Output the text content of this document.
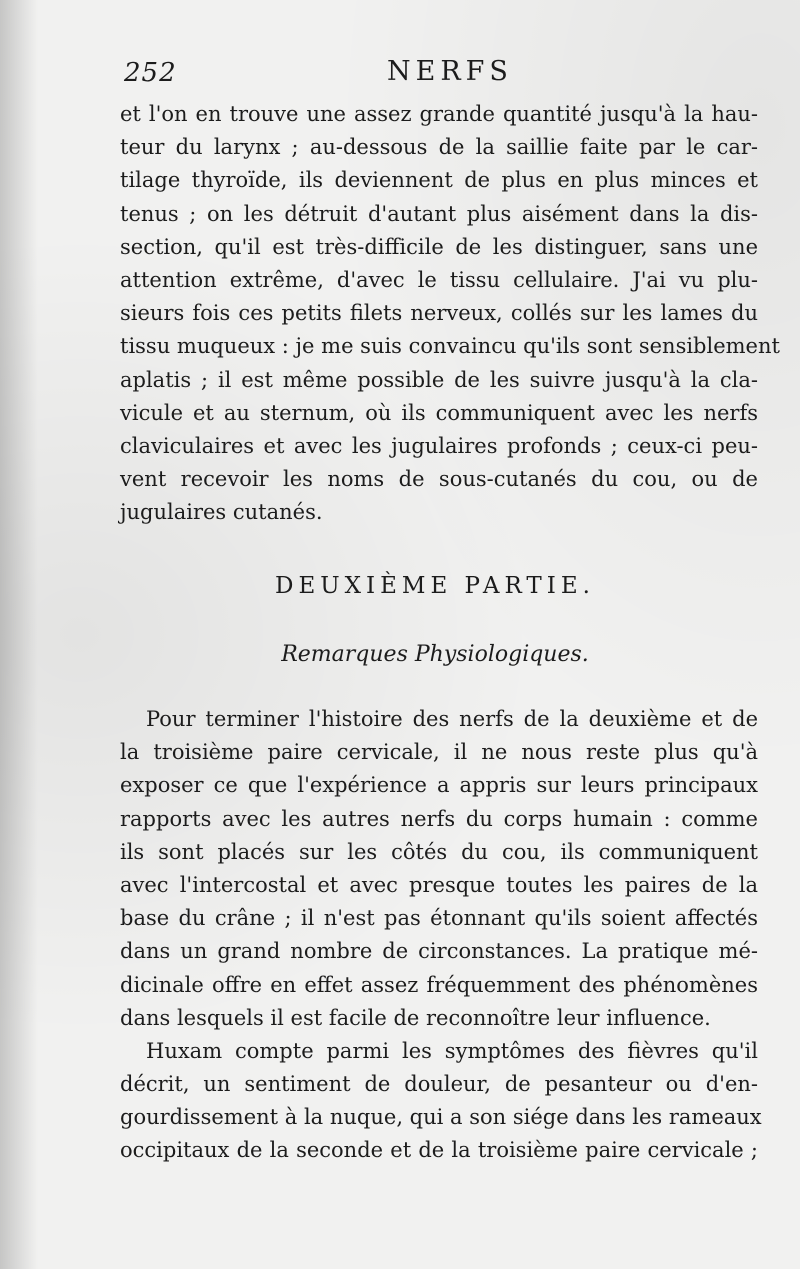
252	NERFS
et l'on en trouve une assez grande quantité jusqu'à la hau-
teur du larynx ; au-dessous de la saillie faite par le car-
tilage thyroïde, ils deviennent de plus en plus minces et
tenus ; on les détruit d'autant plus aisément dans la dis-
section, qu'il est très-difficile de les distinguer, sans une
attention extrême, d'avec le tissu cellulaire. J'ai vu plu-
sieurs fois ces petits filets nerveux, collés sur les lames du
tissu muqueux : je me suis convaincu qu'ils sont sensiblement
aplatis ; il est même possible de les suivre jusqu'à la cla-
vicule et au sternum, où ils communiquent avec les nerfs
claviculaires et avec les jugulaires profonds ; ceux-ci peu-
vent recevoir les noms de sous-cutanés du cou, ou de
jugulaires cutanés.
DEUXIÈME PARTIE.
Remarques Physiologiques.
Pour terminer l'histoire des nerfs de la deuxième et de
la troisième paire cervicale, il ne nous reste plus qu'à
exposer ce que l'expérience a appris sur leurs principaux
rapports avec les autres nerfs du corps humain : comme
ils sont placés sur les côtés du cou, ils communiquent
avec l'intercostal et avec presque toutes les paires de la
base du crâne ; il n'est pas étonnant qu'ils soient affectés
dans un grand nombre de circonstances. La pratique mé-
dicinale offre en effet assez fréquemment des phénomènes
dans lesquels il est facile de reconnoître leur influence.
Huxam compte parmi les symptômes des fièvres qu'il
décrit, un sentiment de douleur, de pesanteur ou d'en-
gourdissement à la nuque, qui a son siége dans les rameaux
occipitaux de la seconde et de la troisième paire cervicale ;
